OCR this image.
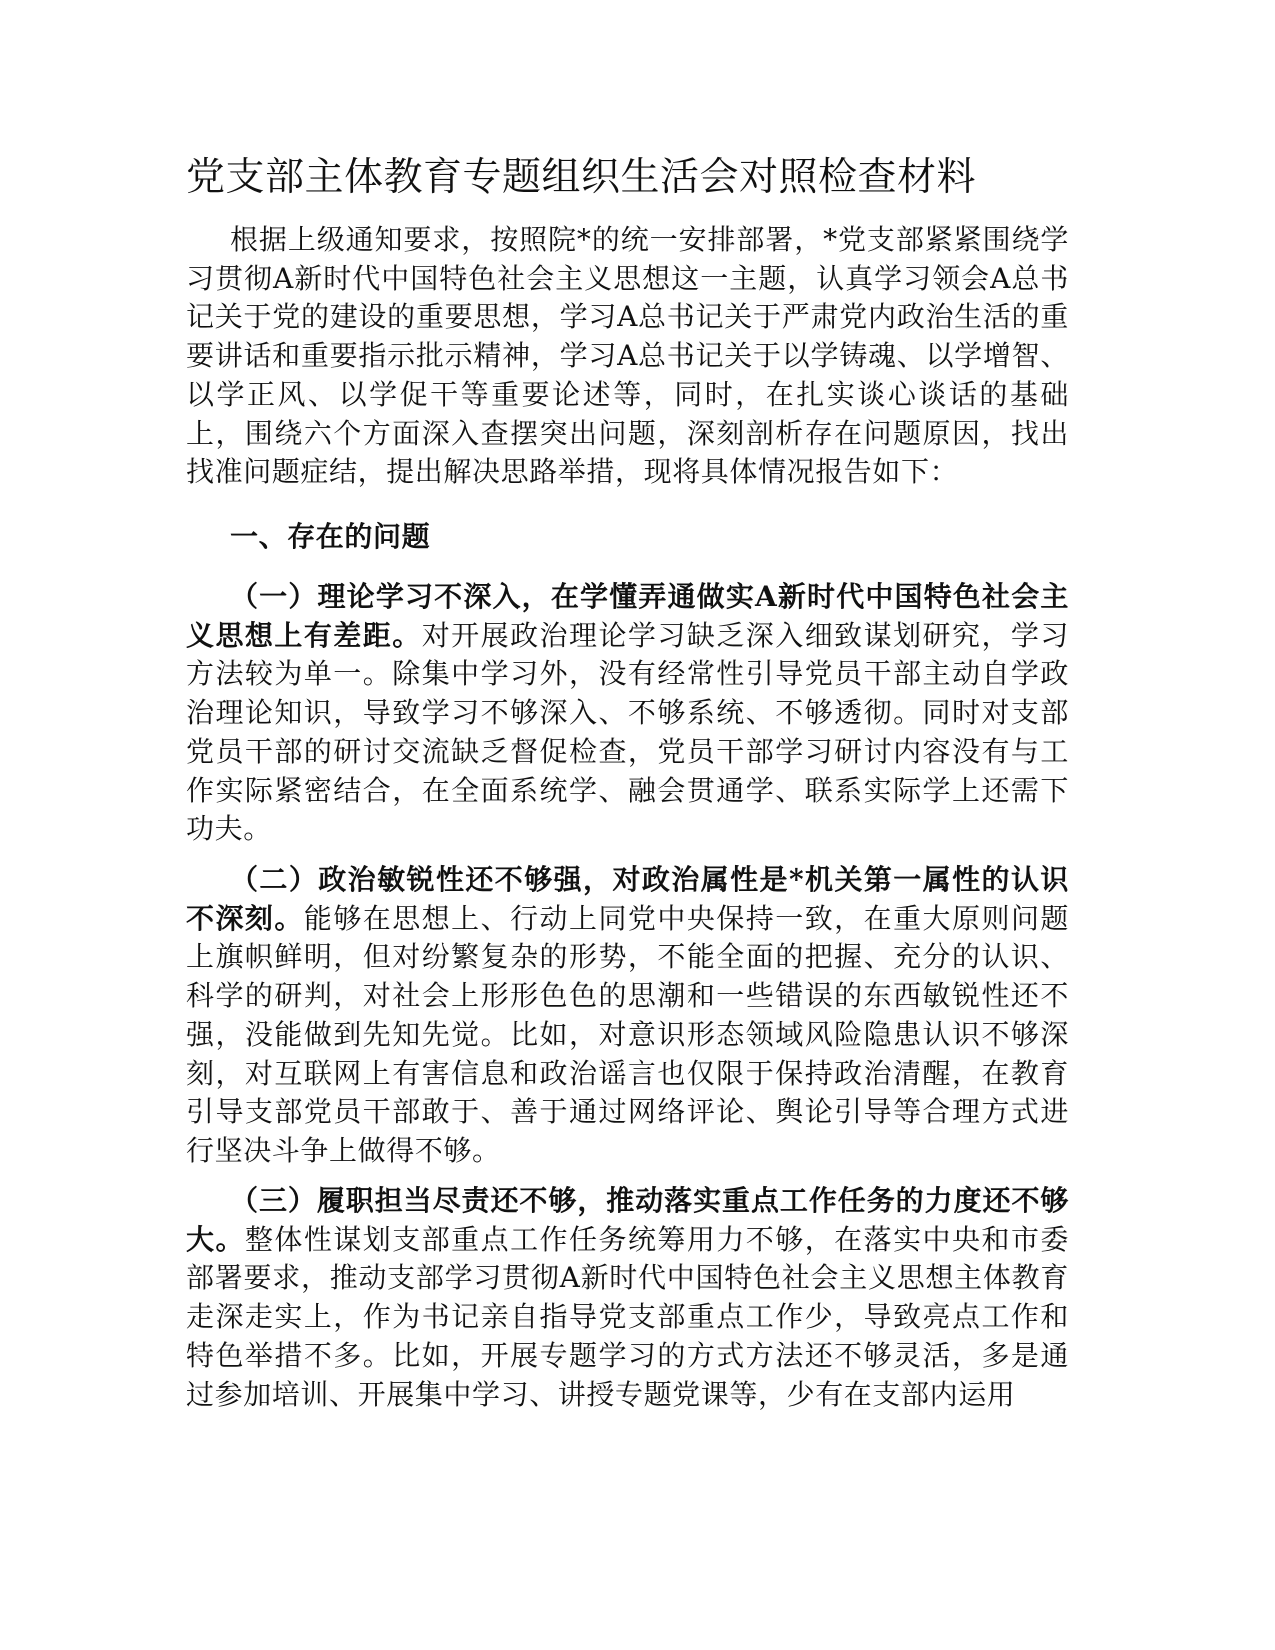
党支部主体教育专题组织生活会对照检查材料

根据上级通知要求，按照院*的统一安排部署，*党支部紧紧围绕学习贯彻A新时代中国特色社会主义思想这一主题，认真学习领会A总书记关于党的建设的重要思想，学习A总书记关于严肃党内政治生活的重要讲话和重要指示批示精神，学习A总书记关于以学铸魂、以学增智、以学正风、以学促干等重要论述等，同时，在扎实谈心谈话的基础上，围绕六个方面深入查摆突出问题，深刻剖析存在问题原因，找出找准问题症结，提出解决思路举措，现将具体情况报告如下：

一、存在的问题

（一）理论学习不深入，在学懂弄通做实A新时代中国特色社会主义思想上有差距。对开展政治理论学习缺乏深入细致谋划研究，学习方法较为单一。除集中学习外，没有经常性引导党员干部主动自学政治理论知识，导致学习不够深入、不够系统、不够透彻。同时对支部党员干部的研讨交流缺乏督促检查，党员干部学习研讨内容没有与工作实际紧密结合，在全面系统学、融会贯通学、联系实际学上还需下功夫。

（二）政治敏锐性还不够强，对政治属性是*机关第一属性的认识不深刻。能够在思想上、行动上同党中央保持一致，在重大原则问题上旗帜鲜明，但对纷繁复杂的形势，不能全面的把握、充分的认识、科学的研判，对社会上形形色色的思潮和一些错误的东西敏锐性还不强，没能做到先知先觉。比如，对意识形态领域风险隐患认识不够深刻，对互联网上有害信息和政治谣言也仅限于保持政治清醒，在教育引导支部党员干部敢于、善于通过网络评论、舆论引导等合理方式进行坚决斗争上做得不够。

（三）履职担当尽责还不够，推动落实重点工作任务的力度还不够大。整体性谋划支部重点工作任务统筹用力不够，在落实中央和市委部署要求，推动支部学习贯彻A新时代中国特色社会主义思想主体教育走深走实上，作为书记亲自指导党支部重点工作少，导致亮点工作和特色举措不多。比如，开展专题学习的方式方法还不够灵活，多是通过参加培训、开展集中学习、讲授专题党课等，少有在支部内运用
